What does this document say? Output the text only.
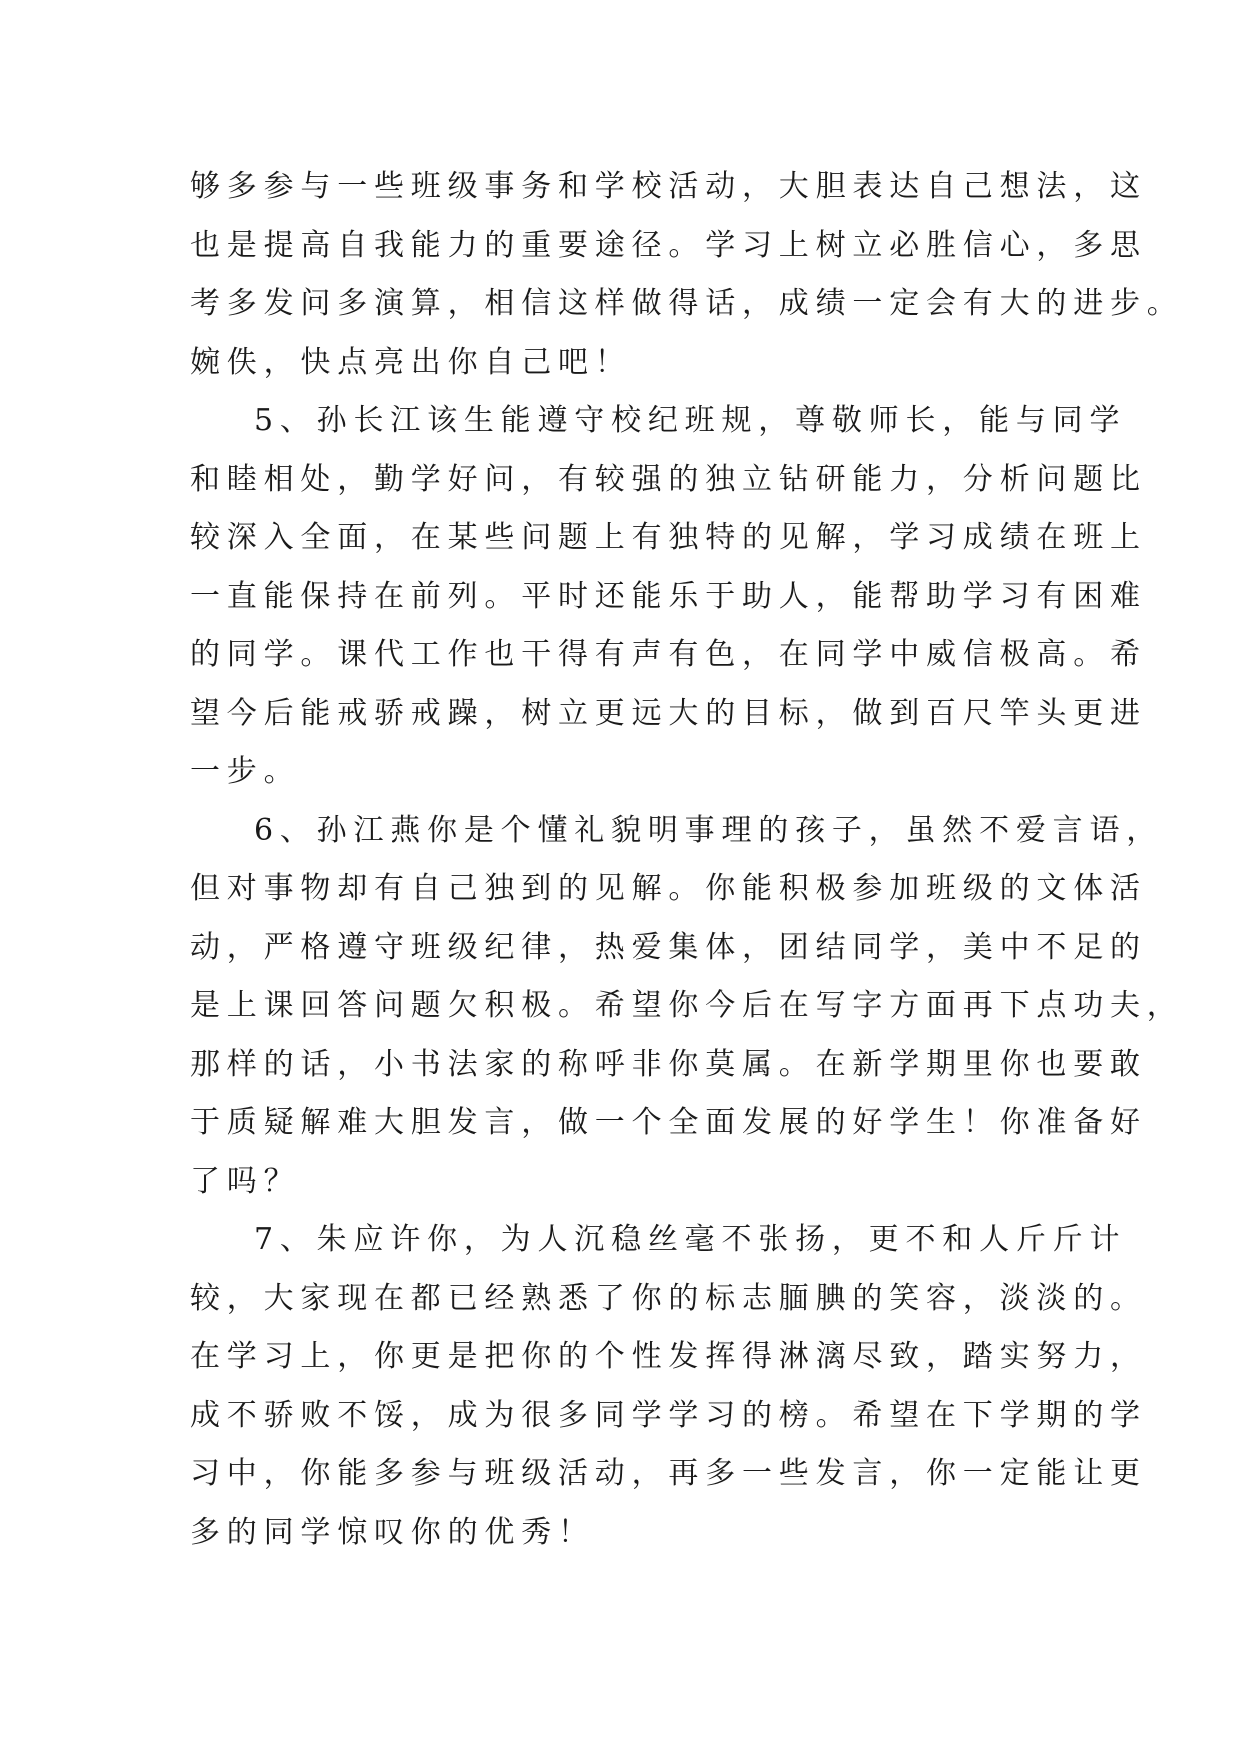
够多参与一些班级事务和学校活动，大胆表达自己想法，这
也是提高自我能力的重要途径。学习上树立必胜信心，多思
考多发问多演算，相信这样做得话，成绩一定会有大的进步。
婉佚，快点亮出你自己吧！
5、孙长江该生能遵守校纪班规，尊敬师长，能与同学
和睦相处，勤学好问，有较强的独立钻研能力，分析问题比
较深入全面，在某些问题上有独特的见解，学习成绩在班上
一直能保持在前列。平时还能乐于助人，能帮助学习有困难
的同学。课代工作也干得有声有色，在同学中威信极高。希
望今后能戒骄戒躁，树立更远大的目标，做到百尺竿头更进
一步。
6、孙江燕你是个懂礼貌明事理的孩子，虽然不爱言语，
但对事物却有自己独到的见解。你能积极参加班级的文体活
动，严格遵守班级纪律，热爱集体，团结同学，美中不足的
是上课回答问题欠积极。希望你今后在写字方面再下点功夫，
那样的话，小书法家的称呼非你莫属。在新学期里你也要敢
于质疑解难大胆发言，做一个全面发展的好学生！你准备好
了吗？
7、朱应许你，为人沉稳丝毫不张扬，更不和人斤斤计
较，大家现在都已经熟悉了你的标志腼腆的笑容，淡淡的。
在学习上，你更是把你的个性发挥得淋漓尽致，踏实努力，
成不骄败不馁，成为很多同学学习的榜。希望在下学期的学
习中，你能多参与班级活动，再多一些发言，你一定能让更
多的同学惊叹你的优秀！
